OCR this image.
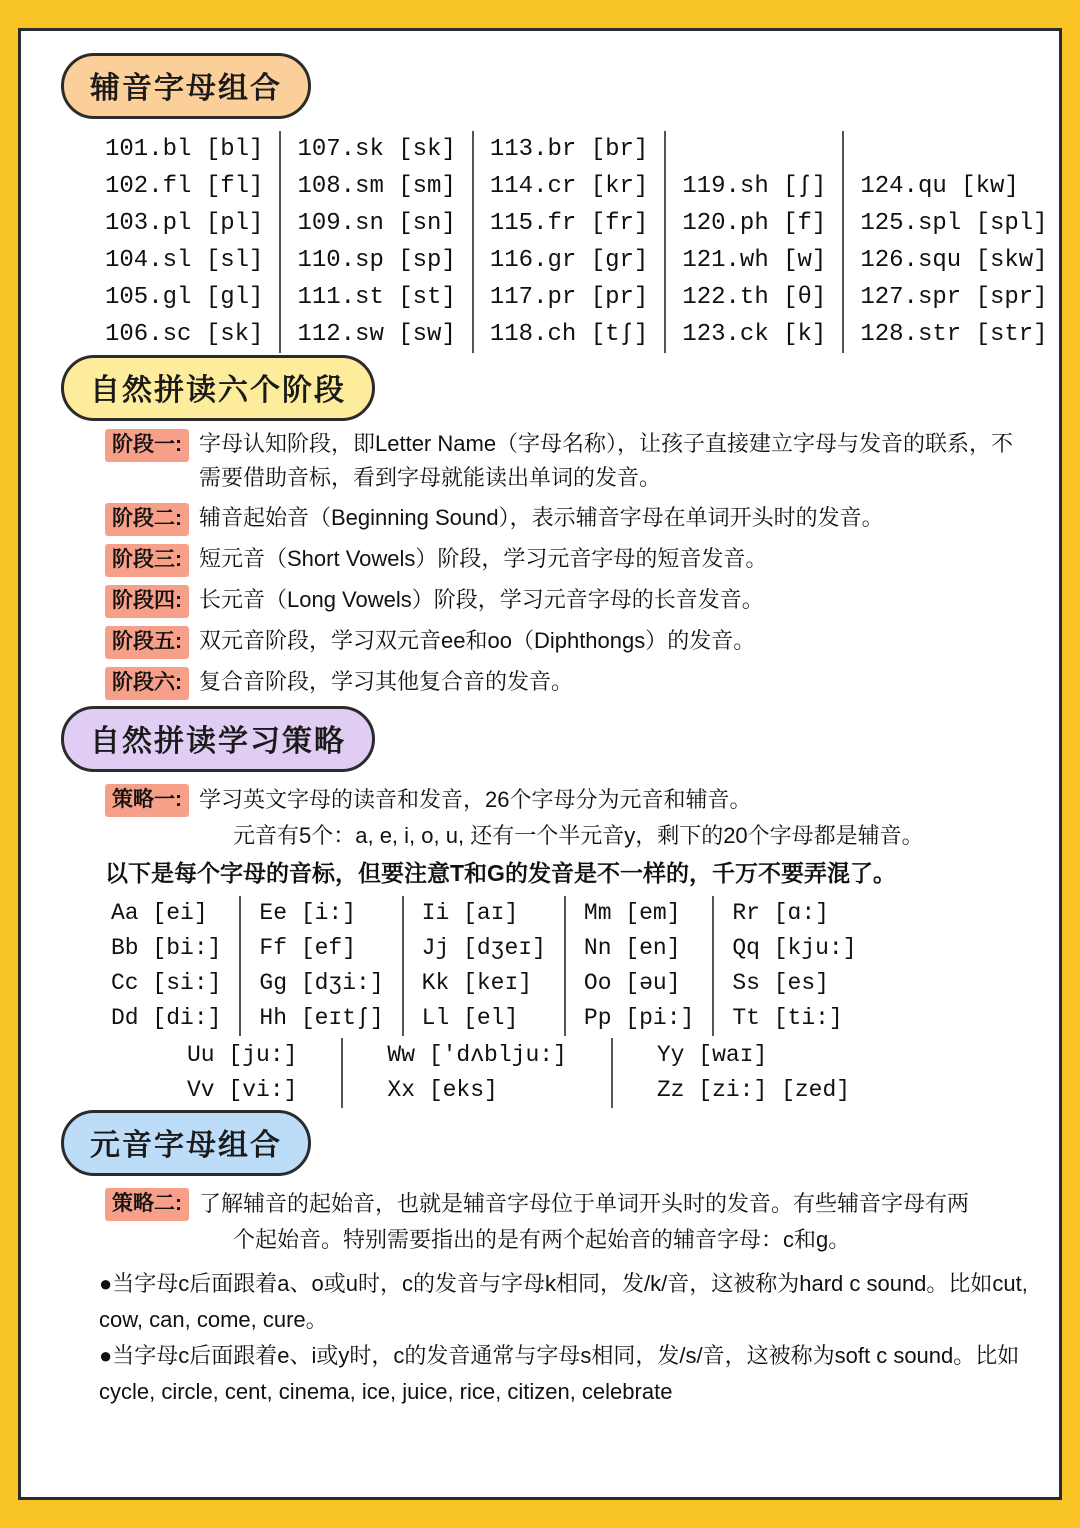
辅音字母组合
101.bl [bl]
102.fl [fl]
103.pl [pl]
104.sl [sl]
105.gl [gl]
106.sc [sk]
107.sk [sk]
108.sm [sm]
109.sn [sn]
110.sp [sp]
111.st [st]
112.sw [sw]
113.br [br]
114.cr [kr]
115.fr [fr]
116.gr [gr]
117.pr [pr]
118.ch [tʃ]
119.sh [ʃ]
120.ph [f]
121.wh [w]
122.th [θ]
123.ck [k]
124.qu [kw]
125.spl [spl]
126.squ [skw]
127.spr [spr]
128.str [str]
自然拼读六个阶段
阶段一: 字母认知阶段，即Letter Name（字母名称），让孩子直接建立字母与发音的联系，不需要借助音标，看到字母就能读出单词的发音。
阶段二: 辅音起始音（Beginning Sound），表示辅音字母在单词开头时的发音。
阶段三: 短元音（Short Vowels）阶段，学习元音字母的短音发音。
阶段四: 长元音（Long Vowels）阶段，学习元音字母的长音发音。
阶段五: 双元音阶段，学习双元音ee和oo（Diphthongs）的发音。
阶段六: 复合音阶段，学习其他复合音的发音。
自然拼读学习策略
策略一: 学习英文字母的读音和发音，26个字母分为元音和辅音。
元音有5个：a, e, i, o, u, 还有一个半元音y，剩下的20个字母都是辅音。
以下是每个字母的音标，但要注意T和G的发音是不一样的，千万不要弄混了。
Aa [ei]
Bb [bi:]
Cc [si:]
Dd [di:]
Ee [i:]
Ff [ef]
Gg [dʒi:]
Hh [eɪtʃ]
Ii [aɪ]
Jj [dʒeɪ]
Kk [keɪ]
Ll [el]
Mm [em]
Nn [en]
Oo [əu]
Pp [pi:]
Rr [ɑ:]
Qq [kju:]
Ss [es]
Tt [ti:]
Uu [ju:]
Vv [vi:]
Ww ['dʌblju:]
Xx [eks]
Yy [waɪ]
Zz [zi:] [zed]
元音字母组合
策略二: 了解辅音的起始音，也就是辅音字母位于单词开头时的发音。有些辅音字母有两
个起始音。特别需要指出的是有两个起始音的辅音字母：c和g。

●当字母c后面跟着a、o或u时，c的发音与字母k相同，发/k/音，这被称为hard c sound。比如cut, cow, can, come, cure。

●当字母c后面跟着e、i或y时，c的发音通常与字母s相同，发/s/音，这被称为soft c sound。比如cycle, circle, cent, cinema, ice, juice, rice, citizen, celebrate
